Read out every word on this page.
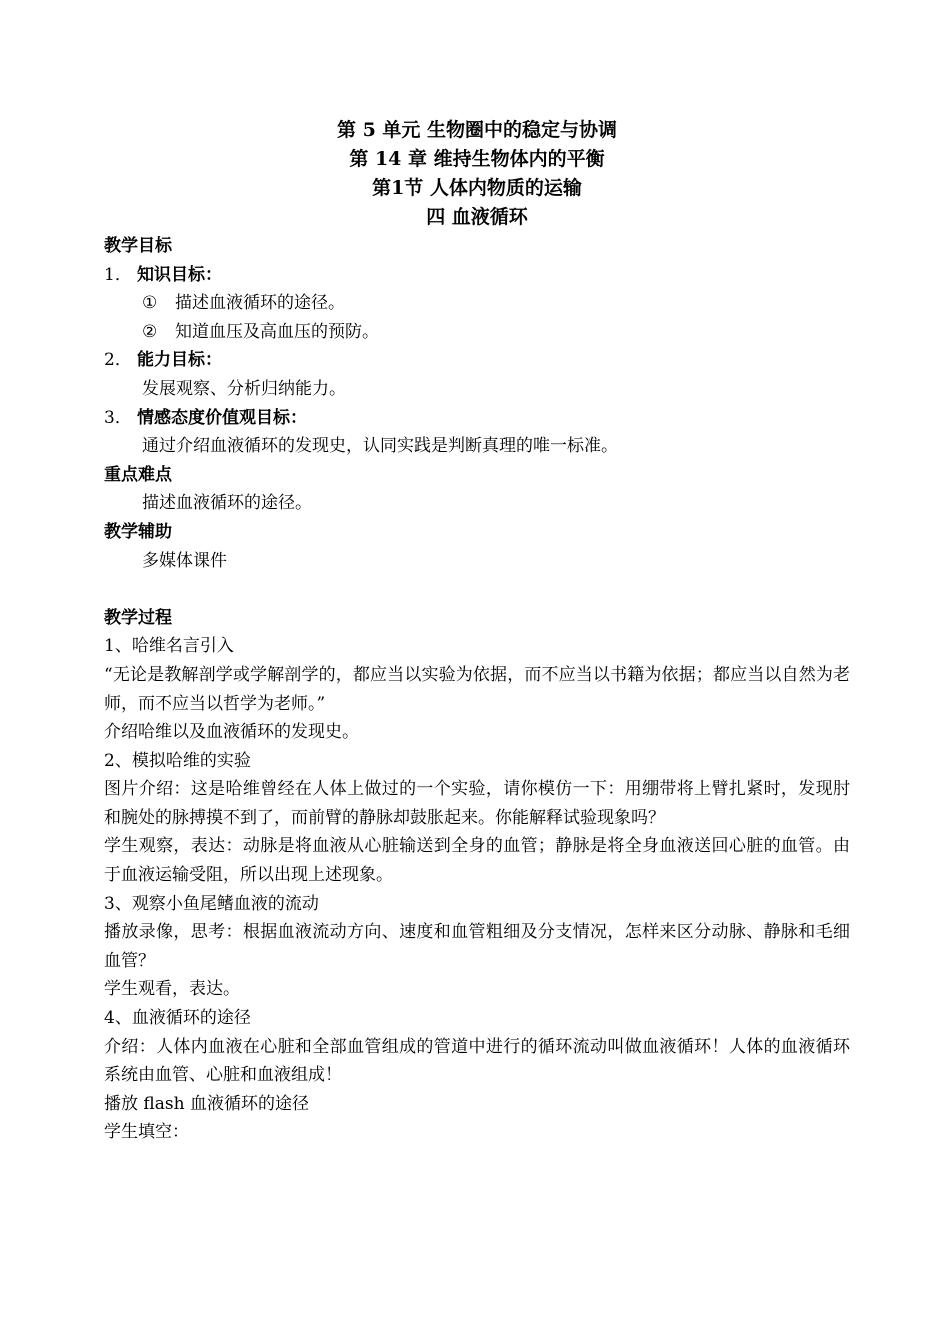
第 5 单元 生物圈中的稳定与协调
第 14 章 维持生物体内的平衡
第1节 人体内物质的运输
四 血液循环
教学目标
1． 知识目标：
①	描述血液循环的途径。
②	知道血压及高血压的预防。
2． 能力目标：
发展观察、分析归纳能力。
3． 情感态度价值观目标：
通过介绍血液循环的发现史，认同实践是判断真理的唯一标准。
重点难点
描述血液循环的途径。
教学辅助
多媒体课件
教学过程
1、哈维名言引入
“无论是教解剖学或学解剖学的，都应当以实验为依据，而不应当以书籍为依据；都应当以自然为老师，而不应当以哲学为老师。”
介绍哈维以及血液循环的发现史。
2、模拟哈维的实验
图片介绍：这是哈维曾经在人体上做过的一个实验，请你模仿一下：用绷带将上臂扎紧时，发现肘和腕处的脉搏摸不到了，而前臂的静脉却鼓胀起来。你能解释试验现象吗？
学生观察，表达：动脉是将血液从心脏输送到全身的血管；静脉是将全身血液送回心脏的血管。由于血液运输受阻，所以出现上述现象。
3、观察小鱼尾鳍血液的流动
播放录像，思考：根据血液流动方向、速度和血管粗细及分支情况，怎样来区分动脉、静脉和毛细血管？
学生观看，表达。
4、血液循环的途径
介绍：人体内血液在心脏和全部血管组成的管道中进行的循环流动叫做血液循环！人体的血液循环系统由血管、心脏和血液组成！
播放 flash 血液循环的途径
学生填空：
